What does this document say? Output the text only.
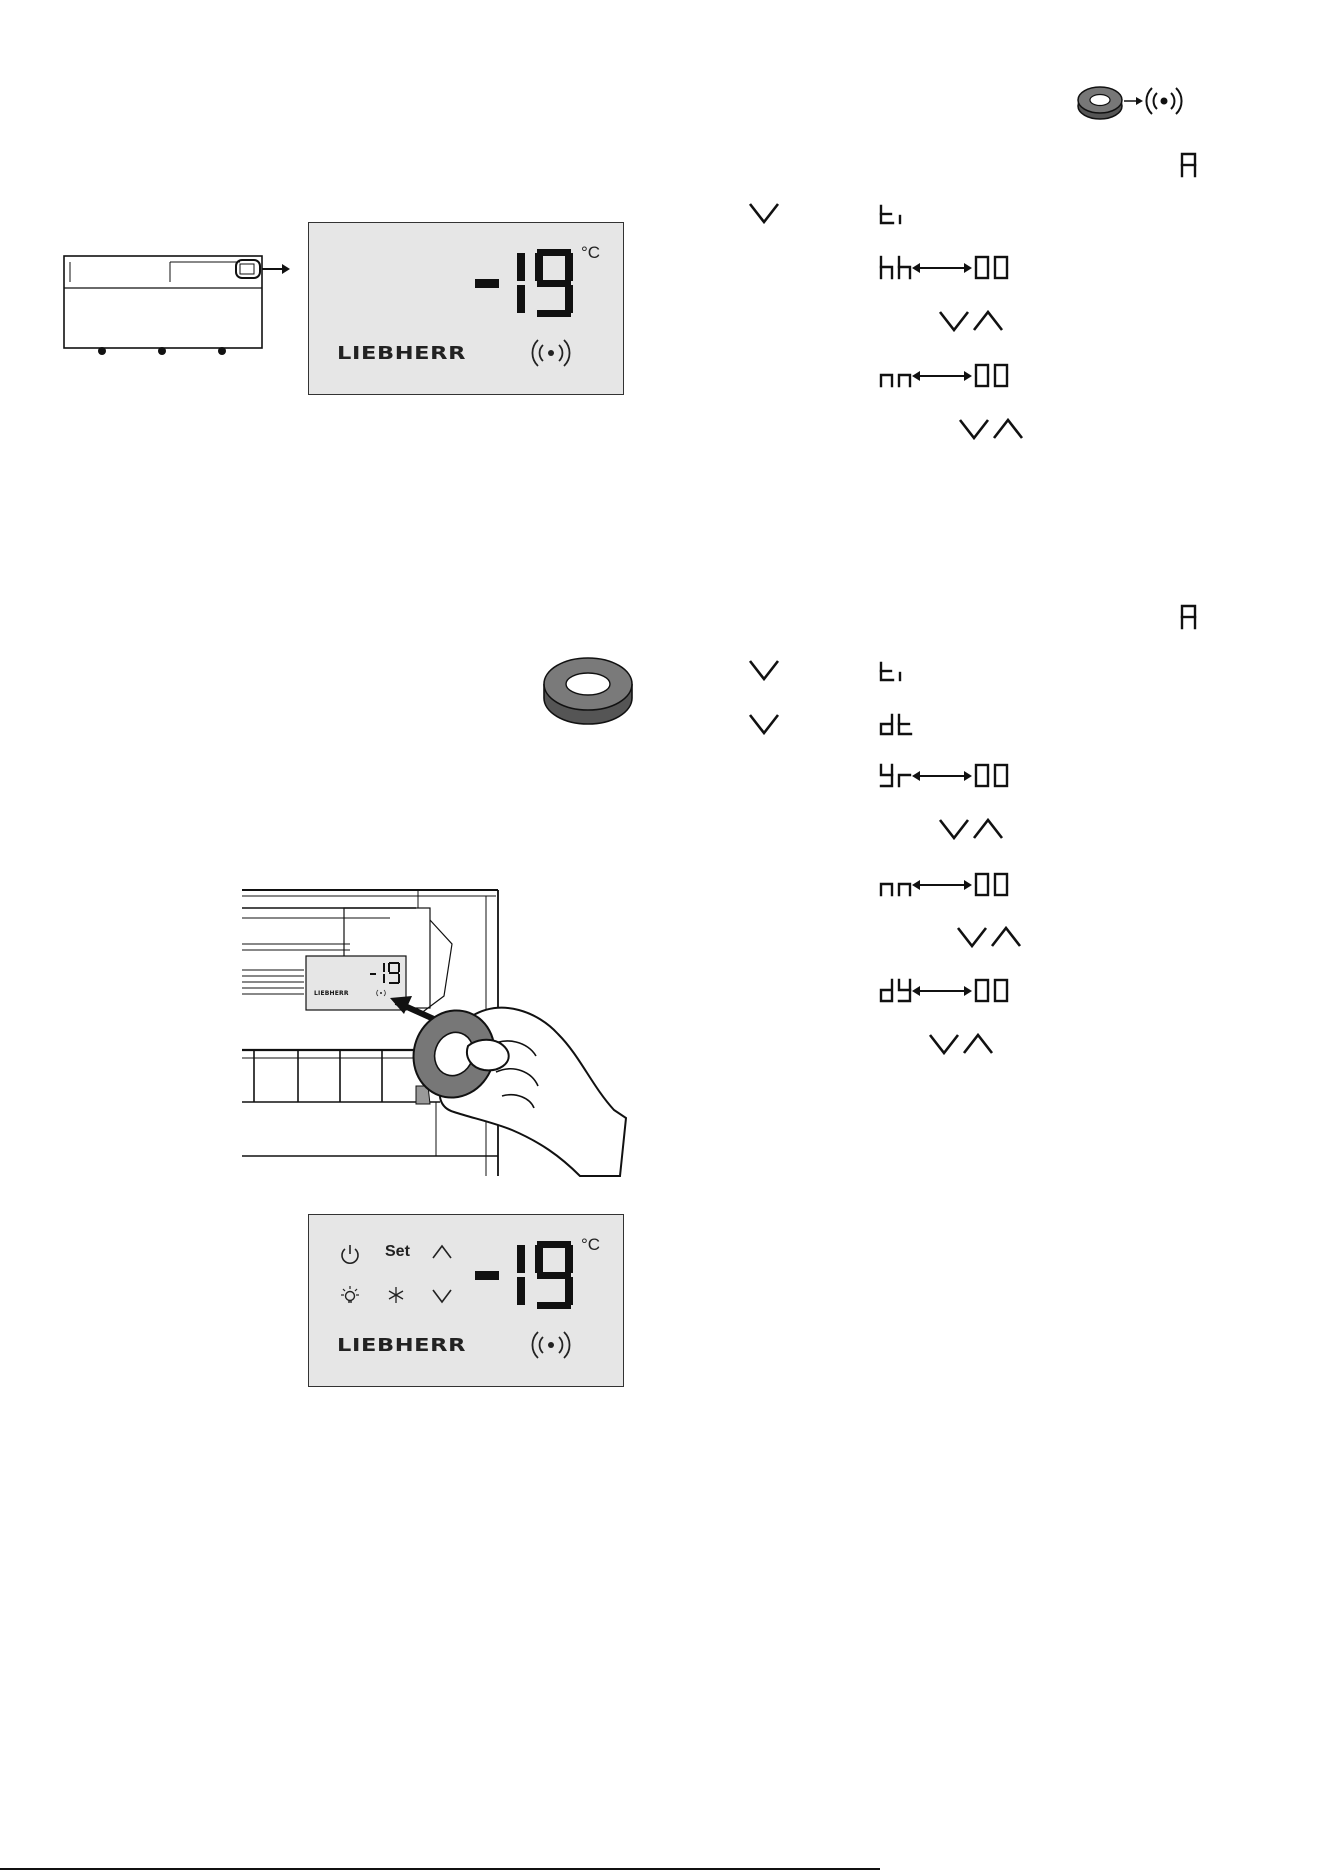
°C
LIEBHERR
LIEBHERR
Set	°C
LIEBHERR
